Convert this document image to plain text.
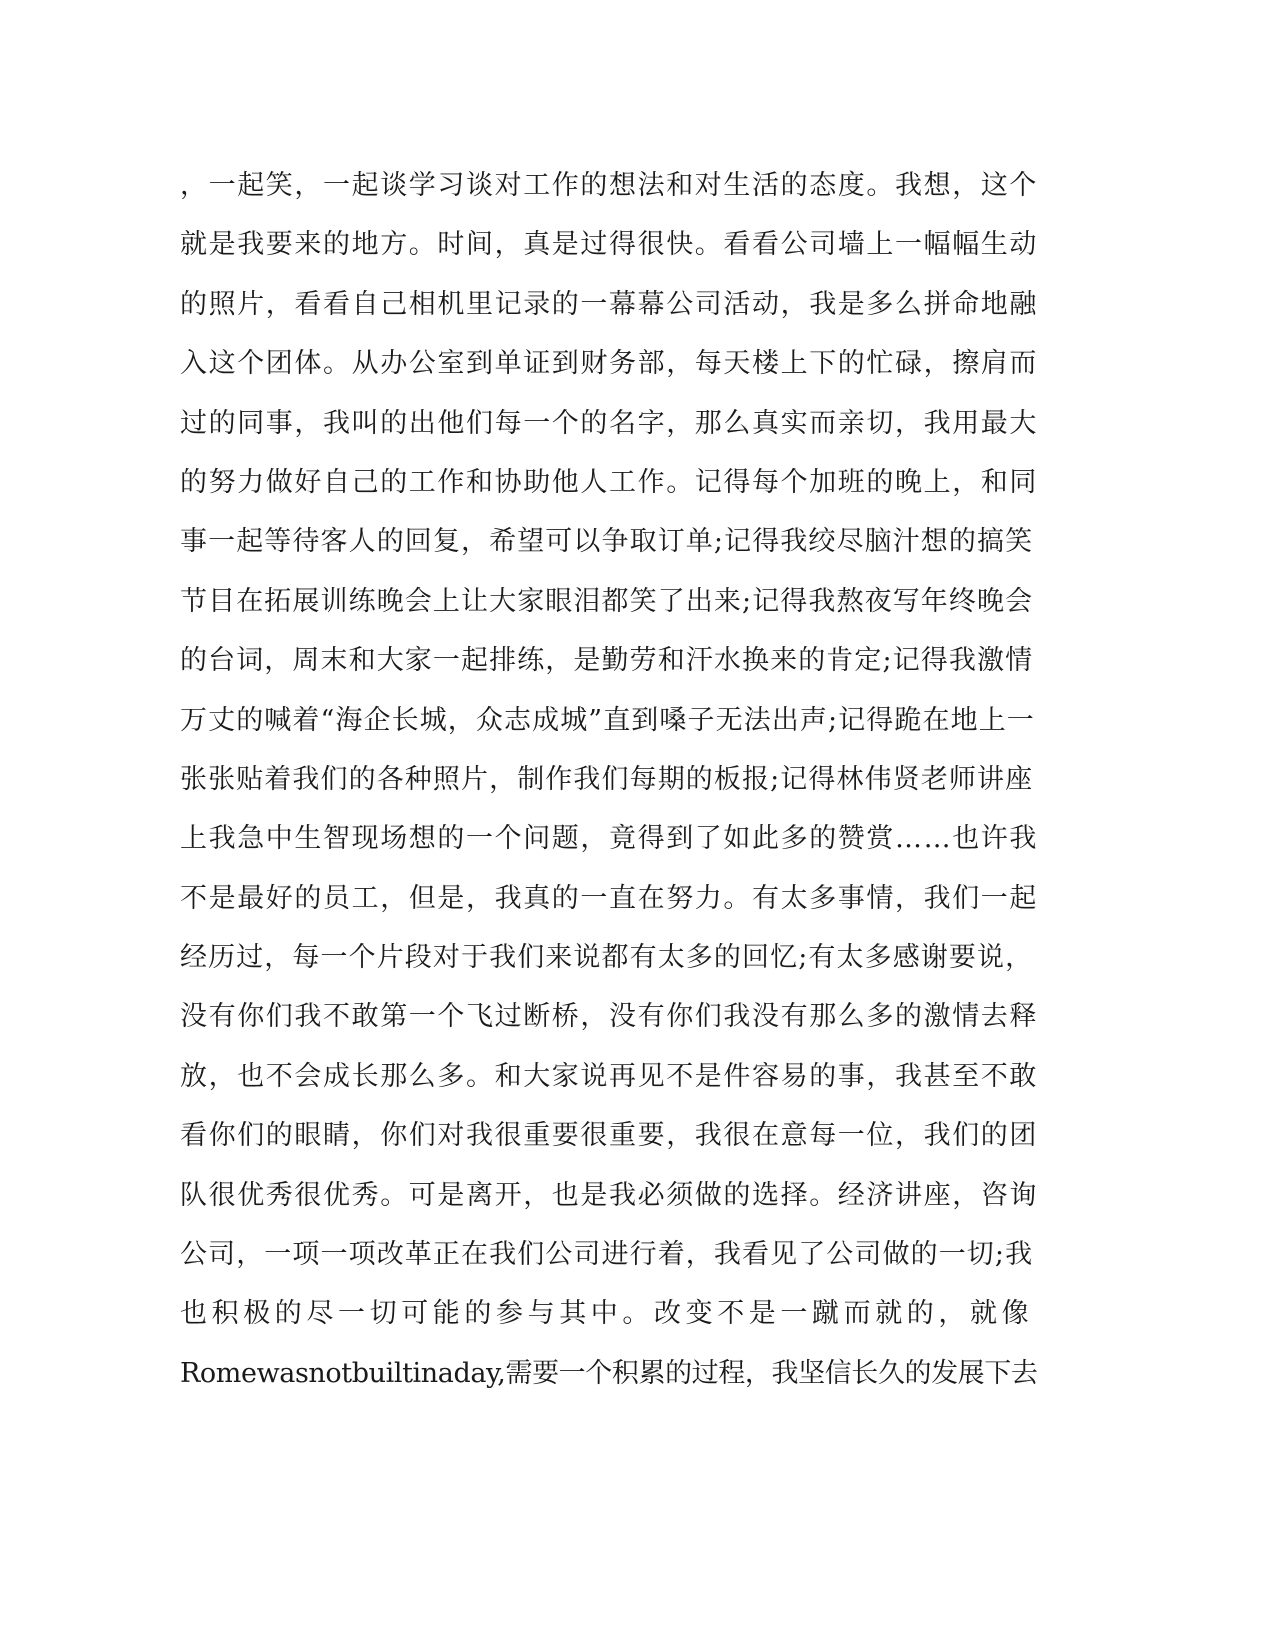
，一起笑，一起谈学习谈对工作的想法和对生活的态度。我想，这个
就是我要来的地方。时间，真是过得很快。看看公司墙上一幅幅生动
的照片，看看自己相机里记录的一幕幕公司活动，我是多么拼命地融
入这个团体。从办公室到单证到财务部，每天楼上下的忙碌，擦肩而
过的同事，我叫的出他们每一个的名字，那么真实而亲切，我用最大
的努力做好自己的工作和协助他人工作。记得每个加班的晚上，和同
事一起等待客人的回复，希望可以争取订单;记得我绞尽脑汁想的搞笑
节目在拓展训练晚会上让大家眼泪都笑了出来;记得我熬夜写年终晚会
的台词，周末和大家一起排练，是勤劳和汗水换来的肯定;记得我激情
万丈的喊着“海企长城，众志成城”直到嗓子无法出声;记得跪在地上一
张张贴着我们的各种照片，制作我们每期的板报;记得林伟贤老师讲座
上我急中生智现场想的一个问题，竟得到了如此多的赞赏……也许我
不是最好的员工，但是，我真的一直在努力。有太多事情，我们一起
经历过，每一个片段对于我们来说都有太多的回忆;有太多感谢要说，
没有你们我不敢第一个飞过断桥，没有你们我没有那么多的激情去释
放，也不会成长那么多。和大家说再见不是件容易的事，我甚至不敢
看你们的眼睛，你们对我很重要很重要，我很在意每一位，我们的团
队很优秀很优秀。可是离开，也是我必须做的选择。经济讲座，咨询
公司，一项一项改革正在我们公司进行着，我看见了公司做的一切;我
也积极的尽一切可能的参与其中。改变不是一蹴而就的，就像
Romewasnotbuiltinaday,需要一个积累的过程，我坚信长久的发展下去
